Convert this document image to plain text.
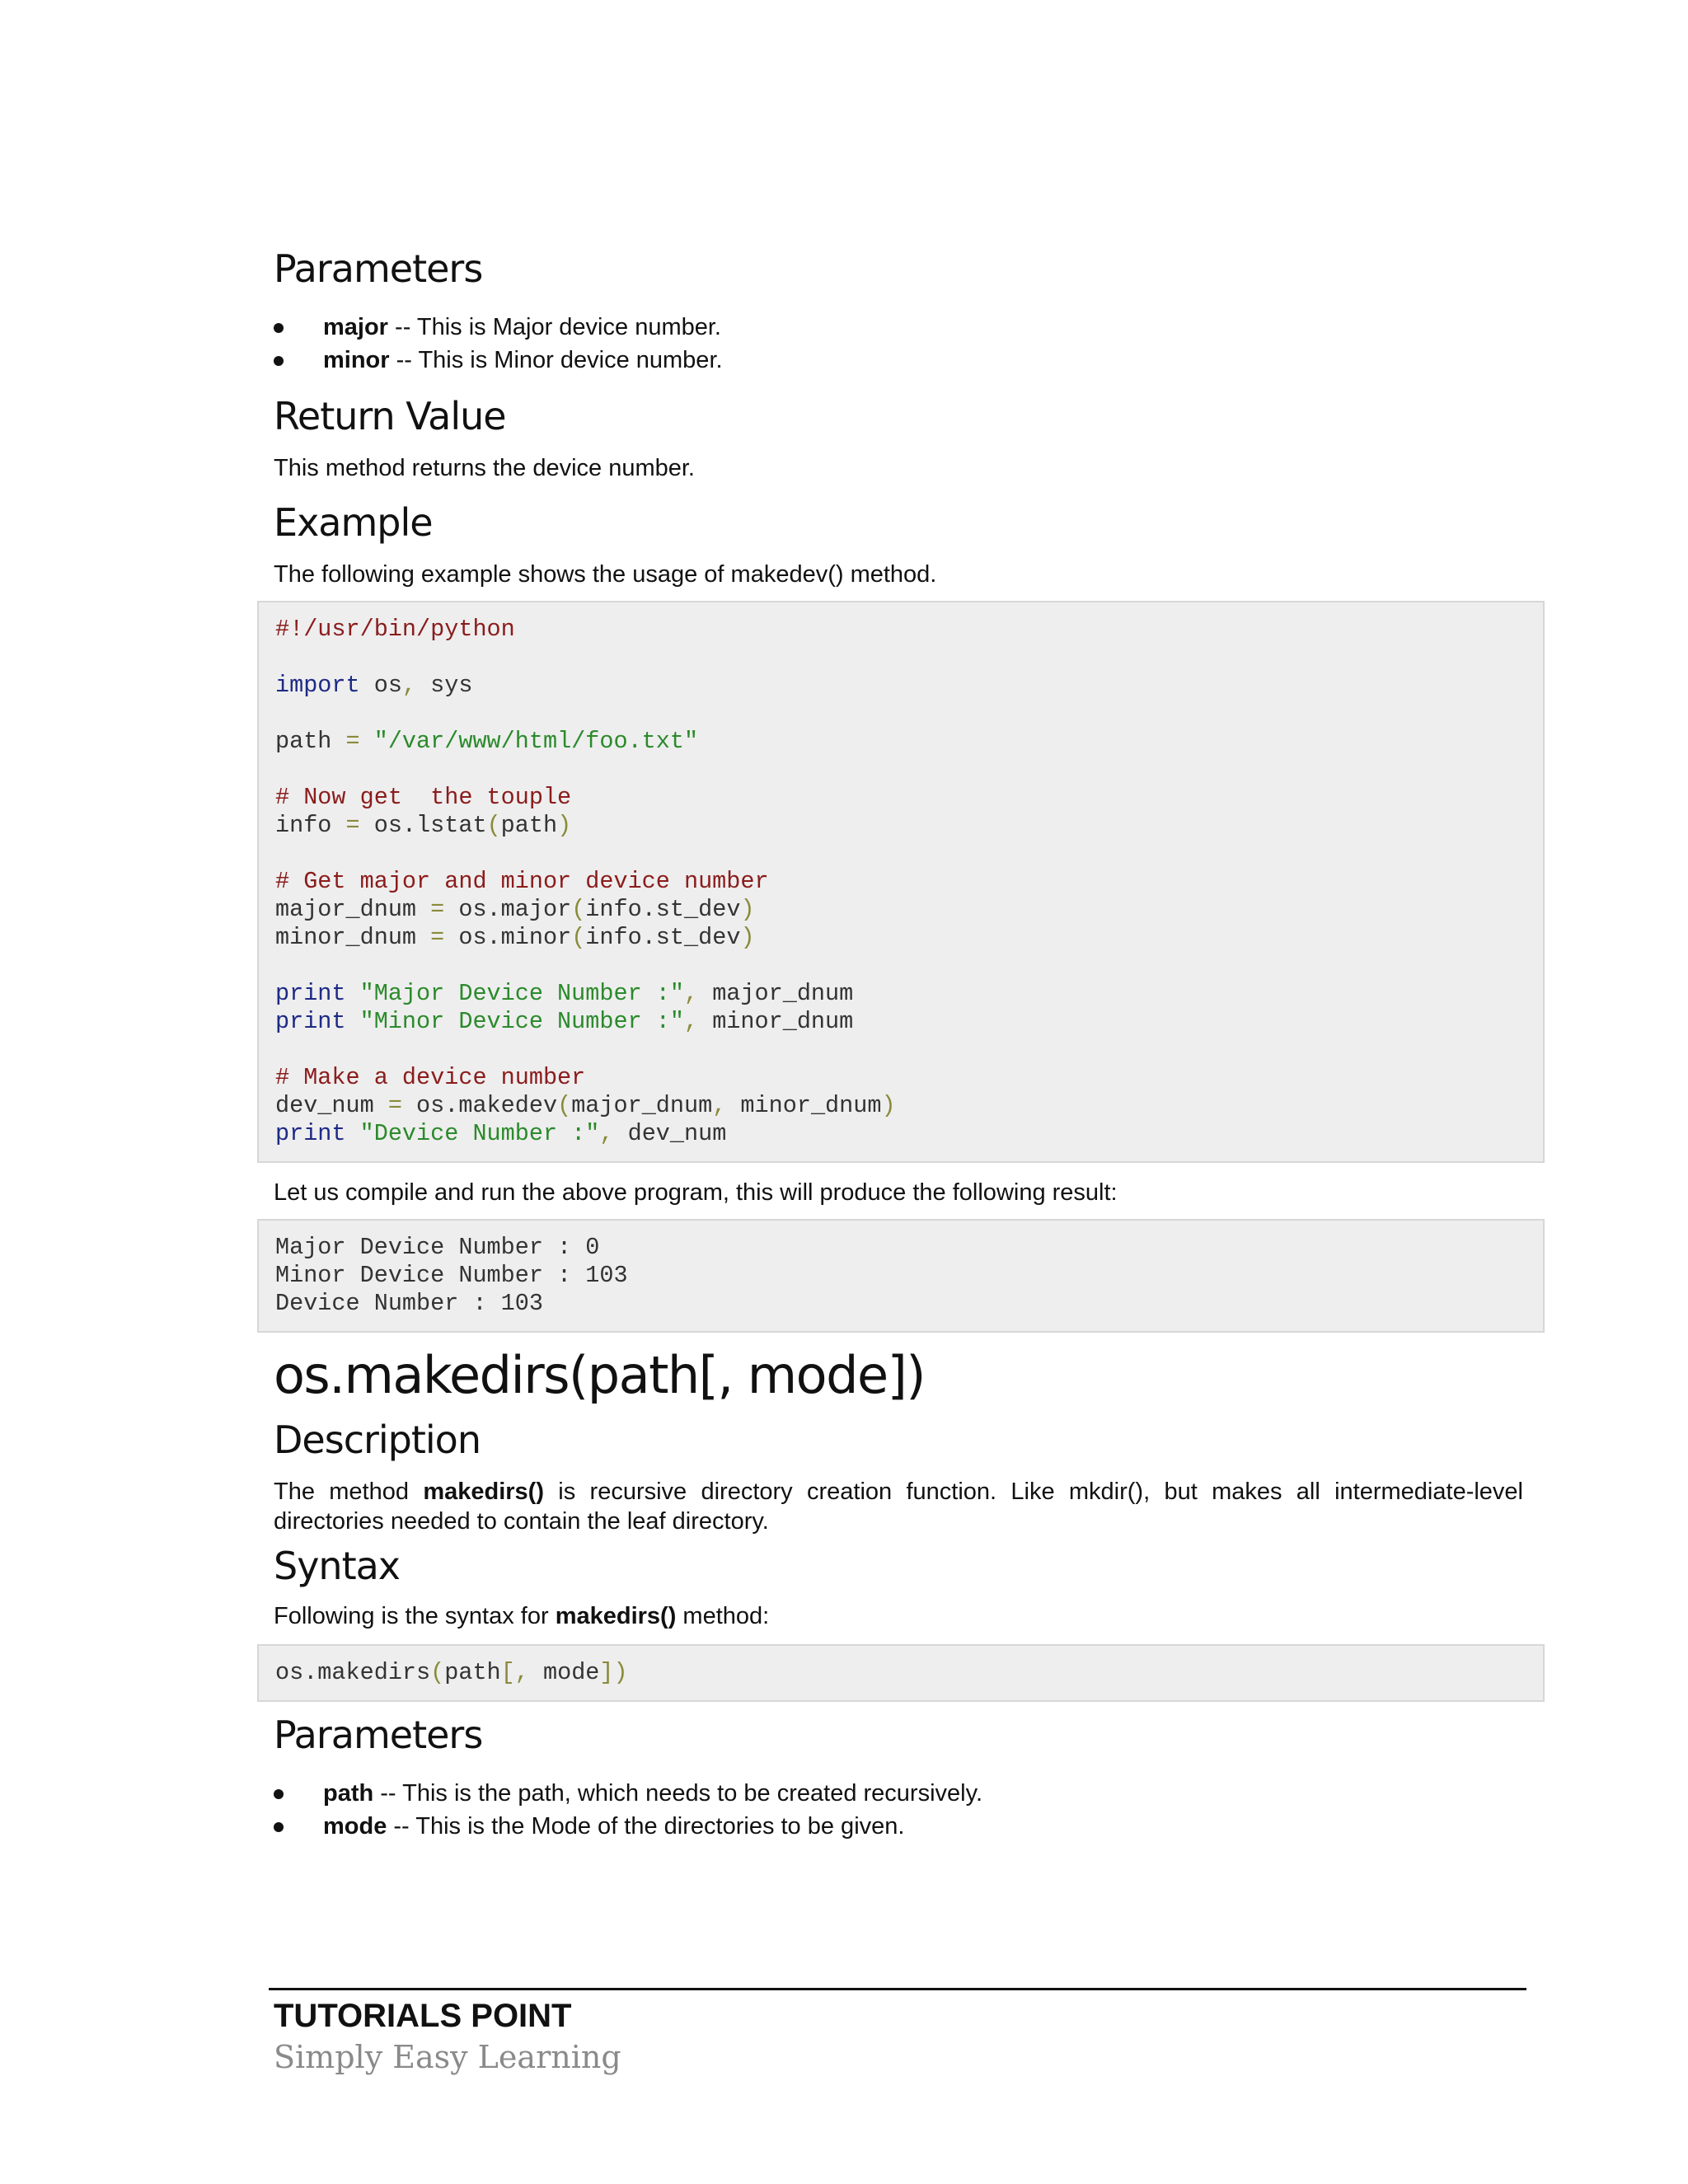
Parameters
major -- This is Major device number.
minor -- This is Minor device number.
Return Value

This method returns the device number.

Example

The following example shows the usage of makedev() method.

#!/usr/bin/python
import os, sys
path = "/var/www/html/foo.txt"
# Now get  the touple
info = os.lstat(path)
# Get major and minor device number
major_dnum = os.major(info.st_dev)
minor_dnum = os.minor(info.st_dev)
print "Major Device Number :", major_dnum
print "Minor Device Number :", minor_dnum
# Make a device number
dev_num = os.makedev(major_dnum, minor_dnum)
print "Device Number :", dev_num

Let us compile and run the above program, this will produce the following result:

Major Device Number : 0
Minor Device Number : 103
Device Number : 103
os.makedirs(path[, mode])
Description

The method makedirs() is recursive directory creation function. Like mkdir(), but makes all intermediate-level directories needed to contain the leaf directory.

Syntax

Following is the syntax for makedirs() method:

os.makedirs(path[, mode])
Parameters
path -- This is the path, which needs to be created recursively.
mode -- This is the Mode of the directories to be given.
TUTORIALS POINT
Simply Easy Learning
